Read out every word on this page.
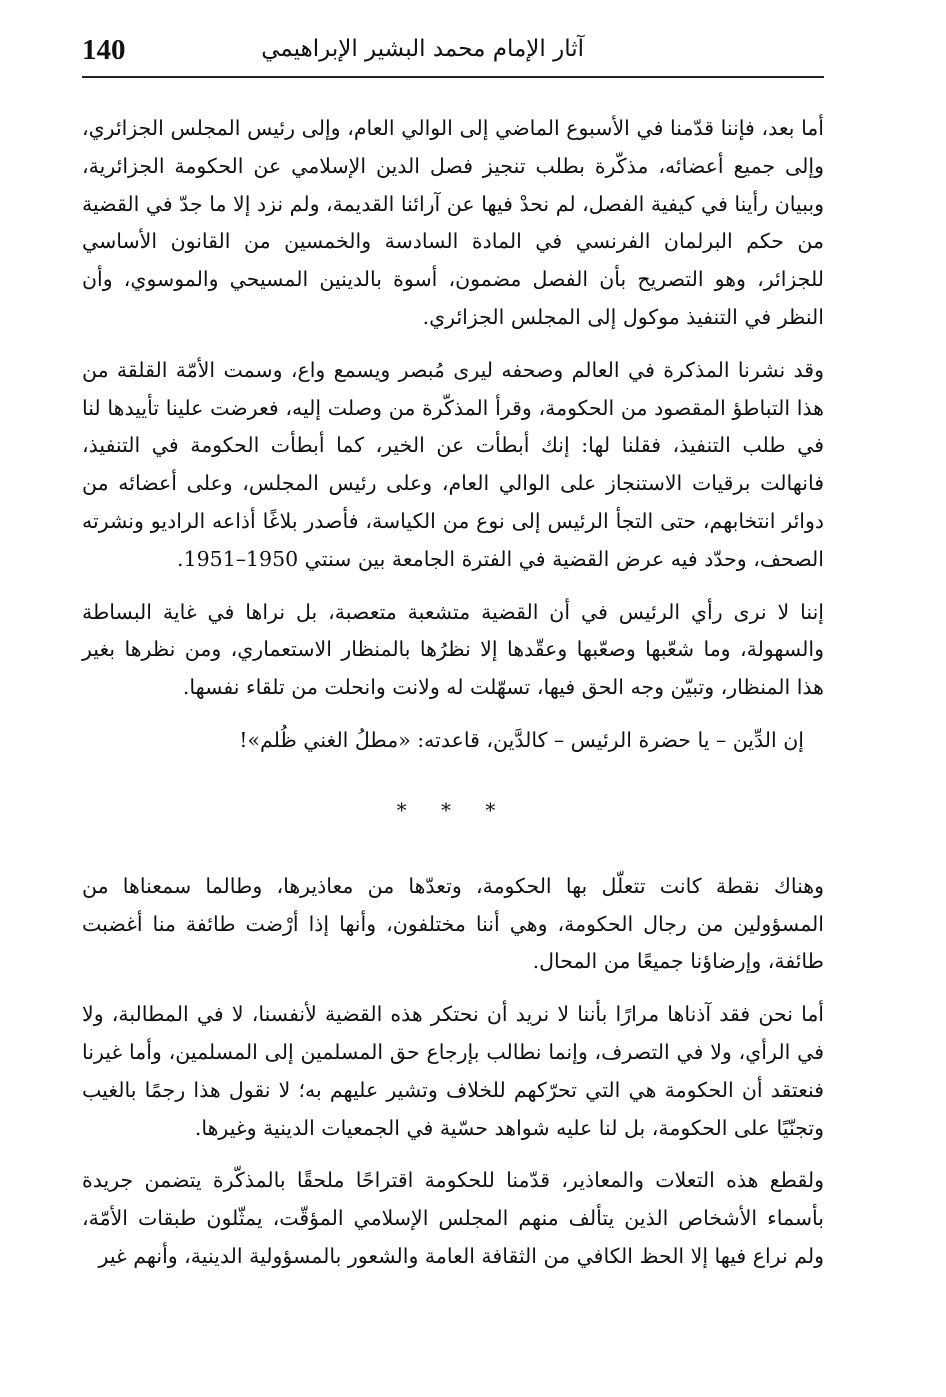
140	آثار الإمام محمد البشير الإبراهيمي

أما بعد، فإننا قدّمنا في الأسبوع الماضي إلى الوالي العام، وإلى رئيس المجلس الجزائري، وإلى جميع أعضائه، مذكّرة بطلب تنجيز فصل الدين الإسلامي عن الحكومة الجزائرية، وببيان رأينا في كيفية الفصل، لم نحدْ فيها عن آرائنا القديمة، ولم نزد إلا ما جدّ في القضية من حكم البرلمان الفرنسي في المادة السادسة والخمسين من القانون الأساسي للجزائر، وهو التصريح بأن الفصل مضمون، أسوة بالدينين المسيحي والموسوي، وأن النظر في التنفيذ موكول إلى المجلس الجزائري.

وقد نشرنا المذكرة في العالم وصحفه ليرى مُبصر ويسمع واع، وسمت الأمّة القلقة من هذا التباطؤ المقصود من الحكومة، وقرأ المذكّرة من وصلت إليه، فعرضت علينا تأييدها لنا في طلب التنفيذ، فقلنا لها: إنك أبطأت عن الخير، كما أبطأت الحكومة في التنفيذ، فانهالت برقيات الاستنجاز على الوالي العام، وعلى رئيس المجلس، وعلى أعضائه من دوائر انتخابهم، حتى التجأ الرئيس إلى نوع من الكياسة، فأصدر بلاغًا أذاعه الراديو ونشرته الصحف، وحدّد فيه عرض القضية في الفترة الجامعة بين سنتي 1950–1951.

إننا لا نرى رأي الرئيس في أن القضية متشعبة متعصبة، بل نراها في غاية البساطة والسهولة، وما شعّبها وصعّبها وعقّدها إلا نظرُها بالمنظار الاستعماري، ومن نظرها بغير هذا المنظار، وتبيّن وجه الحق فيها، تسهّلت له ولانت وانحلت من تلقاء نفسها.

إن الدِّين – يا حضرة الرئيس – كالدَّين، قاعدته: «مطلُ الغني ظُلم»!

* * *

وهناك نقطة كانت تتعلّل بها الحكومة، وتعدّها من معاذيرها، وطالما سمعناها من المسؤولين من رجال الحكومة، وهي أننا مختلفون، وأنها إذا أرْضت طائفة منا أغضبت طائفة، وإرضاؤنا جميعًا من المحال.

أما نحن فقد آذناها مرارًا بأننا لا نريد أن نحتكر هذه القضية لأنفسنا، لا في المطالبة، ولا في الرأي، ولا في التصرف، وإنما نطالب بإرجاع حق المسلمين إلى المسلمين، وأما غيرنا فنعتقد أن الحكومة هي التي تحرّكهم للخلاف وتشير عليهم به؛ لا نقول هذا رجمًا بالغيب وتجنّيًا على الحكومة، بل لنا عليه شواهد حسّية في الجمعيات الدينية وغيرها.

ولقطع هذه التعلات والمعاذير، قدّمنا للحكومة اقتراحًا ملحقًا بالمذكّرة يتضمن جريدة بأسماء الأشخاص الذين يتألف منهم المجلس الإسلامي المؤقّت، يمثّلون طبقات الأمّة، ولم نراع فيها إلا الحظ الكافي من الثقافة العامة والشعور بالمسؤولية الدينية، وأنهم غير
